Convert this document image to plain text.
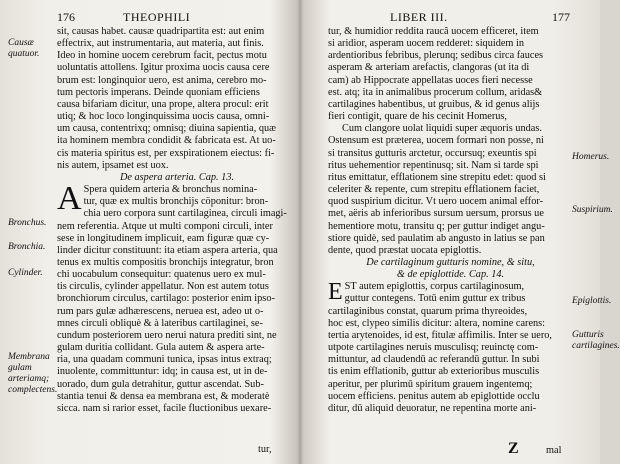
176	THEOPHILI
Causæ quatuor.
Bronchus.
Bronchia.
Cylinder.
Membrana gulam arteriamq; complectens.
sit, causas habet. causæ quadripartita est: aut enim
effectrix, aut instrumentaria, aut materia, aut finis.
Ideo in homine uocem cerebrum facit, pectus motu
uoluntatis attollens. Igitur proxima uocis causa cere
brum est: longinquior uero, est anima, cerebro mo-
tum pectoris imperans. Deinde quoniam efficiens
causa bifariam dicitur, una prope, altera procul: erit
utiq; & hoc loco longinquissima uocis causa, omni-
um causa, contentrixq; omnisq; diuina sapientia, quæ
ita hominem membra condidit & fabricata est. At uo-
cis materia spiritus est, per exspirationem eiectus: fi-
nis autem, ipsamet est uox.
De aspera arteria. Cap. 13.
A Spera quidem arteria & bronchus nomina-
tur, quæ ex multis bronchijs cöponitur: bron-
chia uero corpora sunt cartilaginea, circuli imagi-
nem referentia. Atque ut multi componi circuli, inter
sese in longitudinem implicuit, eam figuræ quæ cy-
linder dicitur constituunt: ita etiam aspera arteria, qua
tenus ex multis compositis bronchijs integratur, bron
chi uocabulum consequitur: quatenus uero ex mul-
tis circulis, cylinder appellatur. Non est autem totus
bronchiorum circulus, cartilago: posterior enim ipso-
rum pars gulæ adhærescens, neruea est, adeo ut o-
mnes circuli obliquè & à lateribus cartilaginei, se-
cundum posteriorem uero nerui natura prediti sint, ne
gulam duritia collidant. Gula autem & aspera arte-
ria, una quadam communi tunica, ipsas intus extraq;
inuolente, committuntur: idq; in causa est, ut in de-
uorado, dum gula detrahitur, guttur ascendat. Sub-
stantia tenui & densa ea membrana est, & moderatè
sicca. nam si rarior esset, facile fluctionibus uexare-
tur,
LIBER III.	177
Homerus.
Suspirium.
Epiglottis.
Gutturis cartilagines.
tur, & humidior reddita raucâ uocem efficeret, item
si aridior, asperam uocem redderet: siquidem in
ardentioribus febribus, plerunq; sedibus circa fauces
asperam & arteriam arefactis, clangoras (ut ita di
cam) ab Hippocrate appellatas uoces fieri necesse
est. atq; ita in animalibus procerum collum, aridas&
cartilagines habentibus, ut gruibus, & id genus alijs
fieri contigit, quare de his cecinit Homerus,
Cum clangore uolat liquidi super æquoris undas.
Ostensum est præterea, uocem formari non posse, ni
si transitus gutturis arctetur, occursuq; exeuntis spi
ritus uehementior repentinusq; sit. Nam si tarde spi
ritus emittatur, efflationem sine strepitu edet: quod si
celeriter & repente, cum strepitu efflationem faciet,
quod suspirium dicitur. Vt uero uocem animal effor-
met, aëris ab inferioribus sursum uersum, prorsus ue
hementiore motu, transitu q; per guttur indiget angu-
stiore quidè, sed paulatim ab angusto in latius se pan
dente, quod præstat uocata epiglottis.
De cartilaginum gutturis nomine, & situ,
& de epiglottide. Cap. 14.
E ST autem epiglottis, corpus cartilaginosum,
guttur contegens. Totū enim guttur ex tribus
cartilaginibus constat, quarum prima thyreoides,
hoc est, clypeo similis dicitur: altera, nomine carens:
tertia arytenoides, id est, fitulæ affimilis. Inter se uero,
utpote cartilagines neruis musculisq; reuinctę com-
mittuntur, ad claudendū ac referandū guttur. In subi
tis enim efflationib, guttur ab exterioribus musculis
aperitur, per plurimū spiritum grauem ingentemq;
uocem efficiens. penitus autem ab epiglottide occlu
ditur, dū aliquid deuoratur, ne repentina morte ani-
Z	mal
